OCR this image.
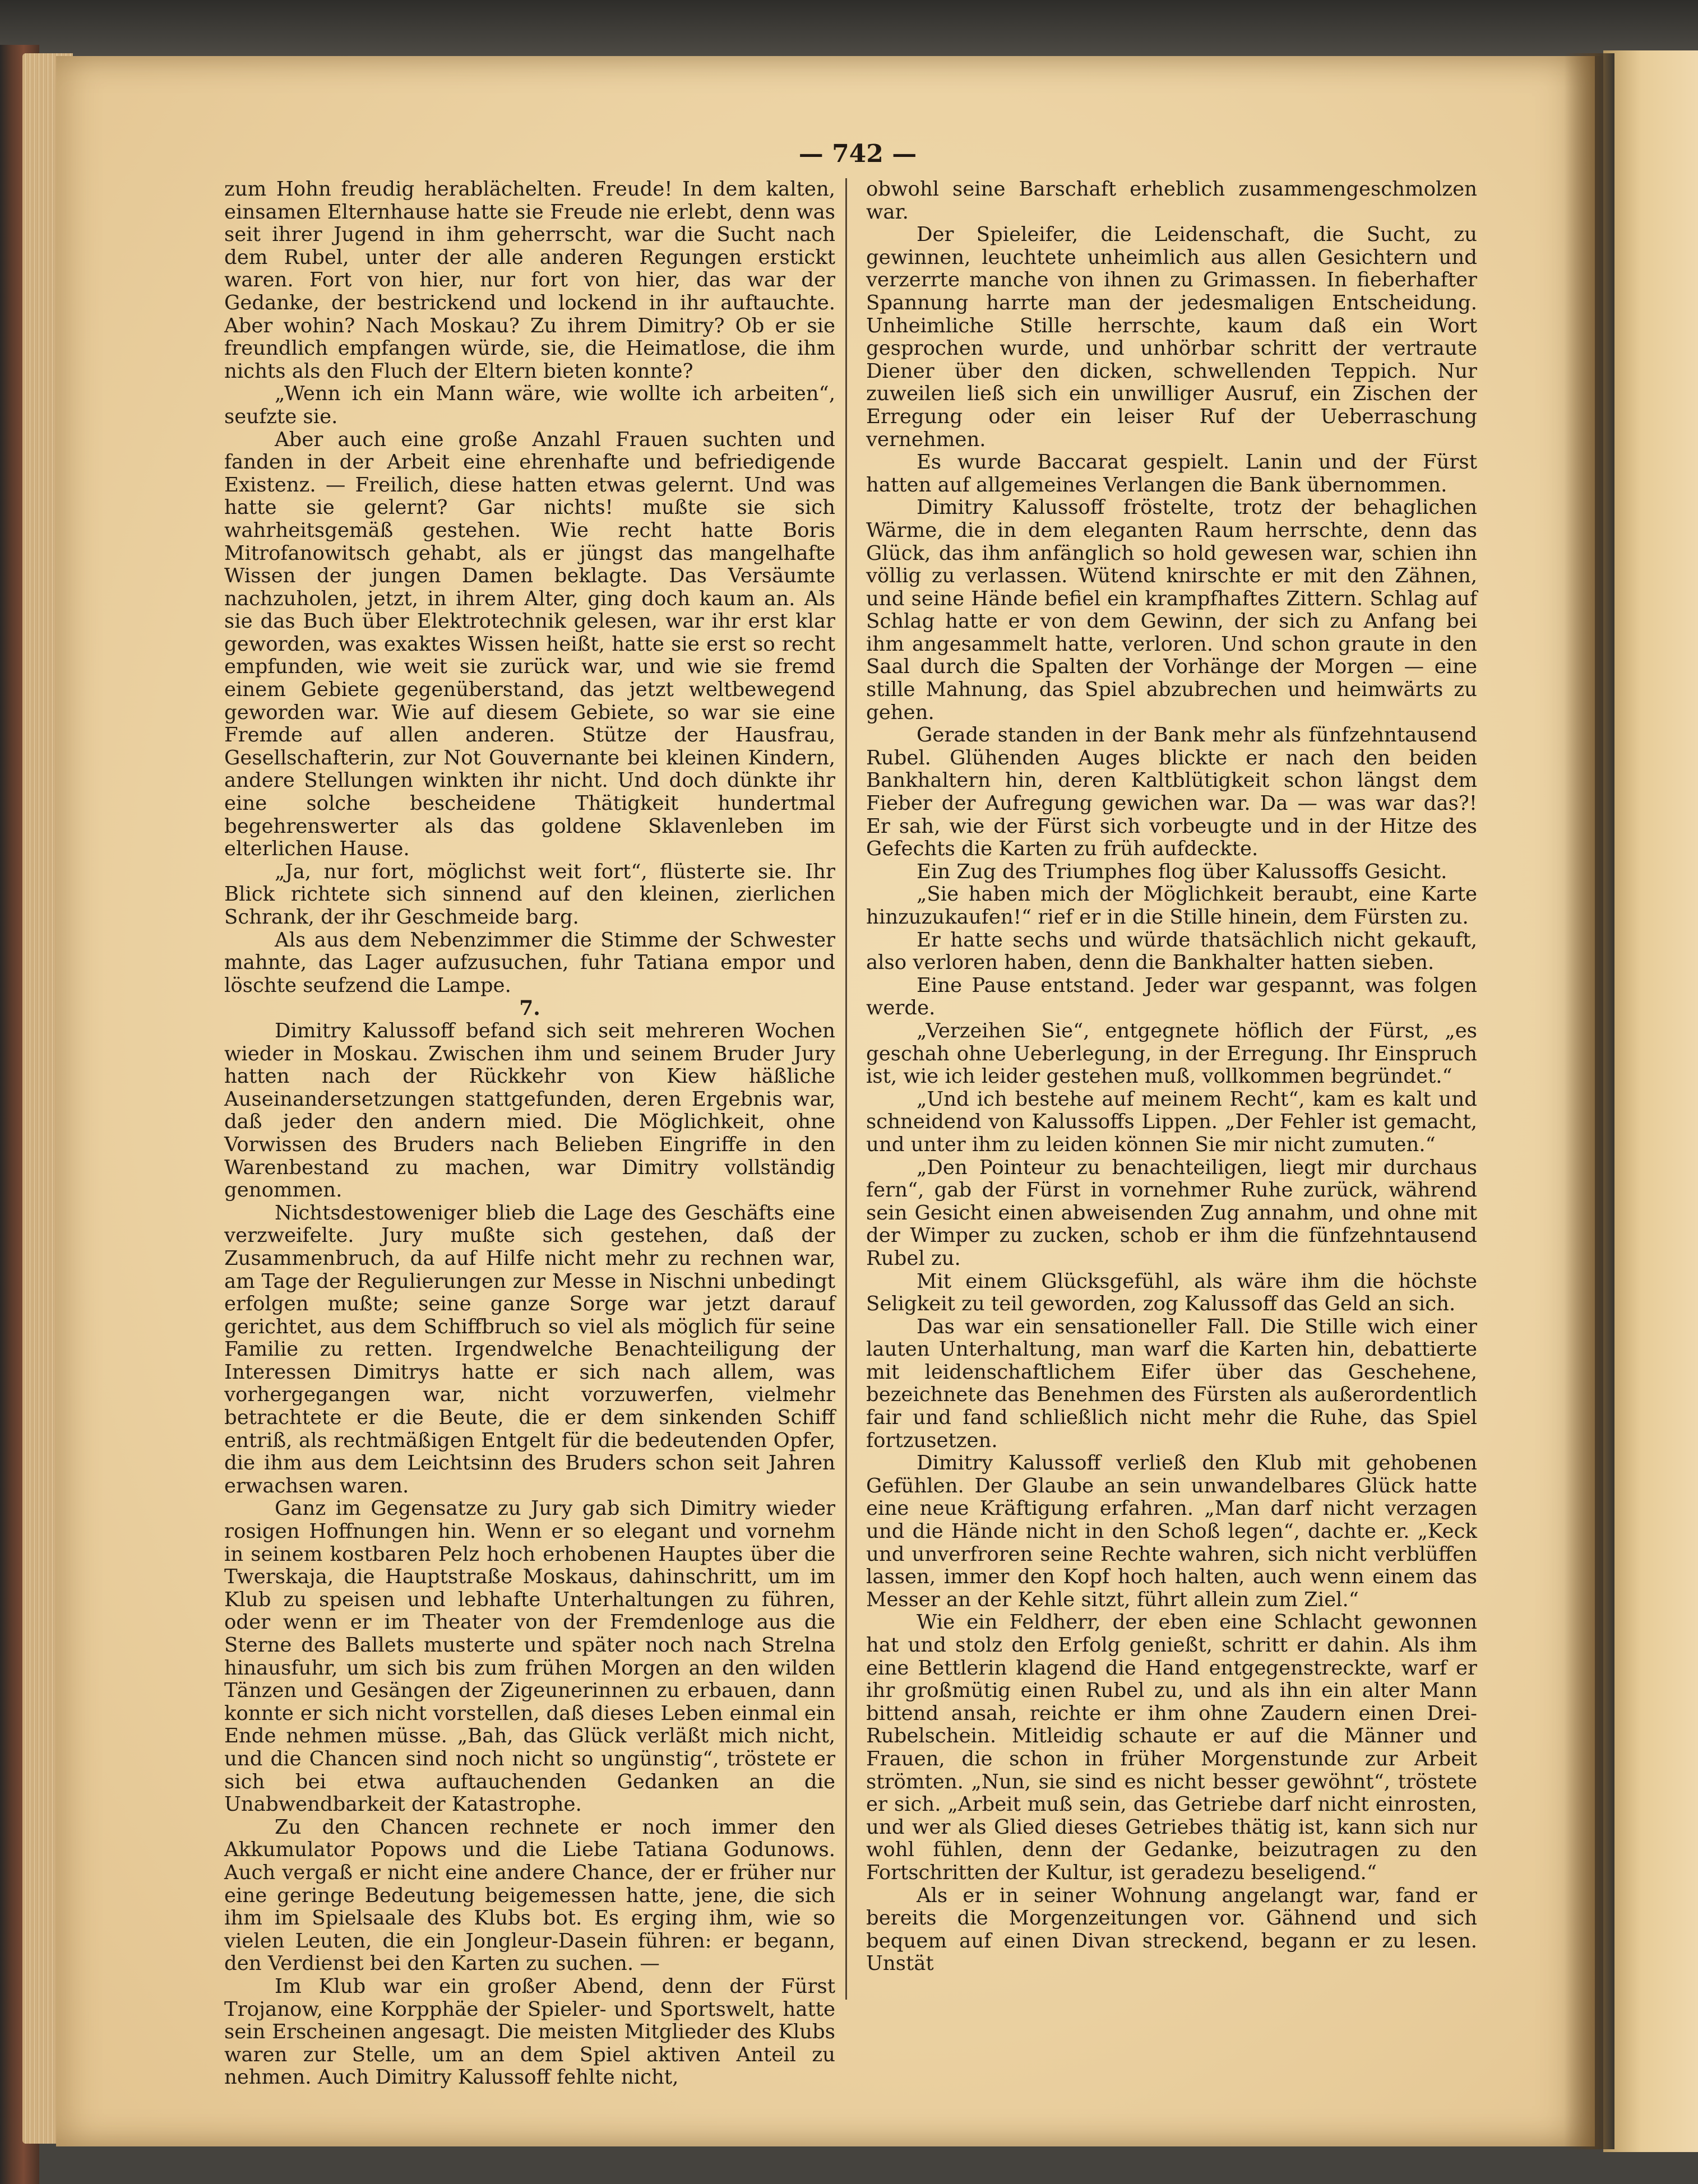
— 742 —

zum Hohn freudig herablächelten. Freude! In dem kalten, einsamen Elternhause hatte sie Freude nie erlebt, denn was seit ihrer Jugend in ihm geherrscht, war die Sucht nach dem Rubel, unter der alle anderen Regungen erstickt waren. Fort von hier, nur fort von hier, das war der Gedanke, der bestrickend und lockend in ihr auftauchte. Aber wohin? Nach Moskau? Zu ihrem Dimitry? Ob er sie freundlich empfangen würde, sie, die Heimatlose, die ihm nichts als den Fluch der Eltern bieten konnte?

„Wenn ich ein Mann wäre, wie wollte ich arbeiten“, seufzte sie.

Aber auch eine große Anzahl Frauen suchten und fanden in der Arbeit eine ehrenhafte und befriedigende Existenz. — Freilich, diese hatten etwas gelernt. Und was hatte sie gelernt? Gar nichts! mußte sie sich wahrheitsgemäß gestehen. Wie recht hatte Boris Mitrofanowitsch gehabt, als er jüngst das mangelhafte Wissen der jungen Damen beklagte. Das Versäumte nachzuholen, jetzt, in ihrem Alter, ging doch kaum an. Als sie das Buch über Elektrotechnik gelesen, war ihr erst klar geworden, was exaktes Wissen heißt, hatte sie erst so recht empfunden, wie weit sie zurück war, und wie sie fremd einem Gebiete gegenüberstand, das jetzt weltbewegend geworden war. Wie auf diesem Gebiete, so war sie eine Fremde auf allen anderen. Stütze der Hausfrau, Gesellschafterin, zur Not Gouvernante bei kleinen Kindern, andere Stellungen winkten ihr nicht. Und doch dünkte ihr eine solche bescheidene Thätigkeit hundertmal begehrenswerter als das goldene Sklavenleben im elterlichen Hause.

„Ja, nur fort, möglichst weit fort“, flüsterte sie. Ihr Blick richtete sich sinnend auf den kleinen, zierlichen Schrank, der ihr Geschmeide barg.

Als aus dem Nebenzimmer die Stimme der Schwester mahnte, das Lager aufzusuchen, fuhr Tatiana empor und löschte seufzend die Lampe.

7.

Dimitry Kalussoff befand sich seit mehreren Wochen wieder in Moskau. Zwischen ihm und seinem Bruder Jury hatten nach der Rückkehr von Kiew häßliche Auseinandersetzungen stattgefunden, deren Ergebnis war, daß jeder den andern mied. Die Möglichkeit, ohne Vorwissen des Bruders nach Belieben Eingriffe in den Warenbestand zu machen, war Dimitry vollständig genommen.

Nichtsdestoweniger blieb die Lage des Geschäfts eine verzweifelte. Jury mußte sich gestehen, daß der Zusammenbruch, da auf Hilfe nicht mehr zu rechnen war, am Tage der Regulierungen zur Messe in Nischni unbedingt erfolgen mußte; seine ganze Sorge war jetzt darauf gerichtet, aus dem Schiffbruch so viel als möglich für seine Familie zu retten. Irgendwelche Benachteiligung der Interessen Dimitrys hatte er sich nach allem, was vorhergegangen war, nicht vorzuwerfen, vielmehr betrachtete er die Beute, die er dem sinkenden Schiff entriß, als rechtmäßigen Entgelt für die bedeutenden Opfer, die ihm aus dem Leichtsinn des Bruders schon seit Jahren erwachsen waren.

Ganz im Gegensatze zu Jury gab sich Dimitry wieder rosigen Hoffnungen hin. Wenn er so elegant und vornehm in seinem kostbaren Pelz hoch erhobenen Hauptes über die Twerskaja, die Hauptstraße Moskaus, dahinschritt, um im Klub zu speisen und lebhafte Unterhaltungen zu führen, oder wenn er im Theater von der Fremdenloge aus die Sterne des Ballets musterte und später noch nach Strelna hinausfuhr, um sich bis zum frühen Morgen an den wilden Tänzen und Gesängen der Zigeunerinnen zu erbauen, dann konnte er sich nicht vorstellen, daß dieses Leben einmal ein Ende nehmen müsse. „Bah, das Glück verläßt mich nicht, und die Chancen sind noch nicht so ungünstig“, tröstete er sich bei etwa auftauchenden Gedanken an die Unabwendbarkeit der Katastrophe.

Zu den Chancen rechnete er noch immer den Akkumulator Popows und die Liebe Tatiana Godunows. Auch vergaß er nicht eine andere Chance, der er früher nur eine geringe Bedeutung beigemessen hatte, jene, die sich ihm im Spielsaale des Klubs bot. Es erging ihm, wie so vielen Leuten, die ein Jongleur-Dasein führen: er begann, den Verdienst bei den Karten zu suchen. —

Im Klub war ein großer Abend, denn der Fürst Trojanow, eine Korpphäe der Spieler- und Sportswelt, hatte sein Erscheinen angesagt. Die meisten Mitglieder des Klubs waren zur Stelle, um an dem Spiel aktiven Anteil zu nehmen. Auch Dimitry Kalussoff fehlte nicht,

obwohl seine Barschaft erheblich zusammengeschmolzen war.

Der Spieleifer, die Leidenschaft, die Sucht, zu gewinnen, leuchtete unheimlich aus allen Gesichtern und verzerrte manche von ihnen zu Grimassen. In fieberhafter Spannung harrte man der jedesmaligen Entscheidung. Unheimliche Stille herrschte, kaum daß ein Wort gesprochen wurde, und unhörbar schritt der vertraute Diener über den dicken, schwellenden Teppich. Nur zuweilen ließ sich ein unwilliger Ausruf, ein Zischen der Erregung oder ein leiser Ruf der Ueberraschung vernehmen.

Es wurde Baccarat gespielt. Lanin und der Fürst hatten auf allgemeines Verlangen die Bank übernommen.

Dimitry Kalussoff fröstelte, trotz der behaglichen Wärme, die in dem eleganten Raum herrschte, denn das Glück, das ihm anfänglich so hold gewesen war, schien ihn völlig zu verlassen. Wütend knirschte er mit den Zähnen, und seine Hände befiel ein krampfhaftes Zittern. Schlag auf Schlag hatte er von dem Gewinn, der sich zu Anfang bei ihm angesammelt hatte, verloren. Und schon graute in den Saal durch die Spalten der Vorhänge der Morgen — eine stille Mahnung, das Spiel abzubrechen und heimwärts zu gehen.

Gerade standen in der Bank mehr als fünfzehntausend Rubel. Glühenden Auges blickte er nach den beiden Bankhaltern hin, deren Kaltblütigkeit schon längst dem Fieber der Aufregung gewichen war. Da — was war das?! Er sah, wie der Fürst sich vorbeugte und in der Hitze des Gefechts die Karten zu früh aufdeckte.

Ein Zug des Triumphes flog über Kalussoffs Gesicht.

„Sie haben mich der Möglichkeit beraubt, eine Karte hinzuzukaufen!“ rief er in die Stille hinein, dem Fürsten zu.

Er hatte sechs und würde thatsächlich nicht gekauft, also verloren haben, denn die Bankhalter hatten sieben.

Eine Pause entstand. Jeder war gespannt, was folgen werde.

„Verzeihen Sie“, entgegnete höflich der Fürst, „es geschah ohne Ueberlegung, in der Erregung. Ihr Einspruch ist, wie ich leider gestehen muß, vollkommen begründet.“

„Und ich bestehe auf meinem Recht“, kam es kalt und schneidend von Kalussoffs Lippen. „Der Fehler ist gemacht, und unter ihm zu leiden können Sie mir nicht zumuten.“

„Den Pointeur zu benachteiligen, liegt mir durchaus fern“, gab der Fürst in vornehmer Ruhe zurück, während sein Gesicht einen abweisenden Zug annahm, und ohne mit der Wimper zu zucken, schob er ihm die fünfzehntausend Rubel zu.

Mit einem Glücksgefühl, als wäre ihm die höchste Seligkeit zu teil geworden, zog Kalussoff das Geld an sich.

Das war ein sensationeller Fall. Die Stille wich einer lauten Unterhaltung, man warf die Karten hin, debattierte mit leidenschaftlichem Eifer über das Geschehene, bezeichnete das Benehmen des Fürsten als außerordentlich fair und fand schließlich nicht mehr die Ruhe, das Spiel fortzusetzen.

Dimitry Kalussoff verließ den Klub mit gehobenen Gefühlen. Der Glaube an sein unwandelbares Glück hatte eine neue Kräftigung erfahren. „Man darf nicht verzagen und die Hände nicht in den Schoß legen“, dachte er. „Keck und unverfroren seine Rechte wahren, sich nicht verblüffen lassen, immer den Kopf hoch halten, auch wenn einem das Messer an der Kehle sitzt, führt allein zum Ziel.“

Wie ein Feldherr, der eben eine Schlacht gewonnen hat und stolz den Erfolg genießt, schritt er dahin. Als ihm eine Bettlerin klagend die Hand entgegenstreckte, warf er ihr großmütig einen Rubel zu, und als ihn ein alter Mann bittend ansah, reichte er ihm ohne Zaudern einen Drei-Rubelschein. Mitleidig schaute er auf die Männer und Frauen, die schon in früher Morgenstunde zur Arbeit strömten. „Nun, sie sind es nicht besser gewöhnt“, tröstete er sich. „Arbeit muß sein, das Getriebe darf nicht einrosten, und wer als Glied dieses Getriebes thätig ist, kann sich nur wohl fühlen, denn der Gedanke, beizutragen zu den Fortschritten der Kultur, ist geradezu beseligend.“

Als er in seiner Wohnung angelangt war, fand er bereits die Morgenzeitungen vor. Gähnend und sich bequem auf einen Divan streckend, begann er zu lesen. Unstät
